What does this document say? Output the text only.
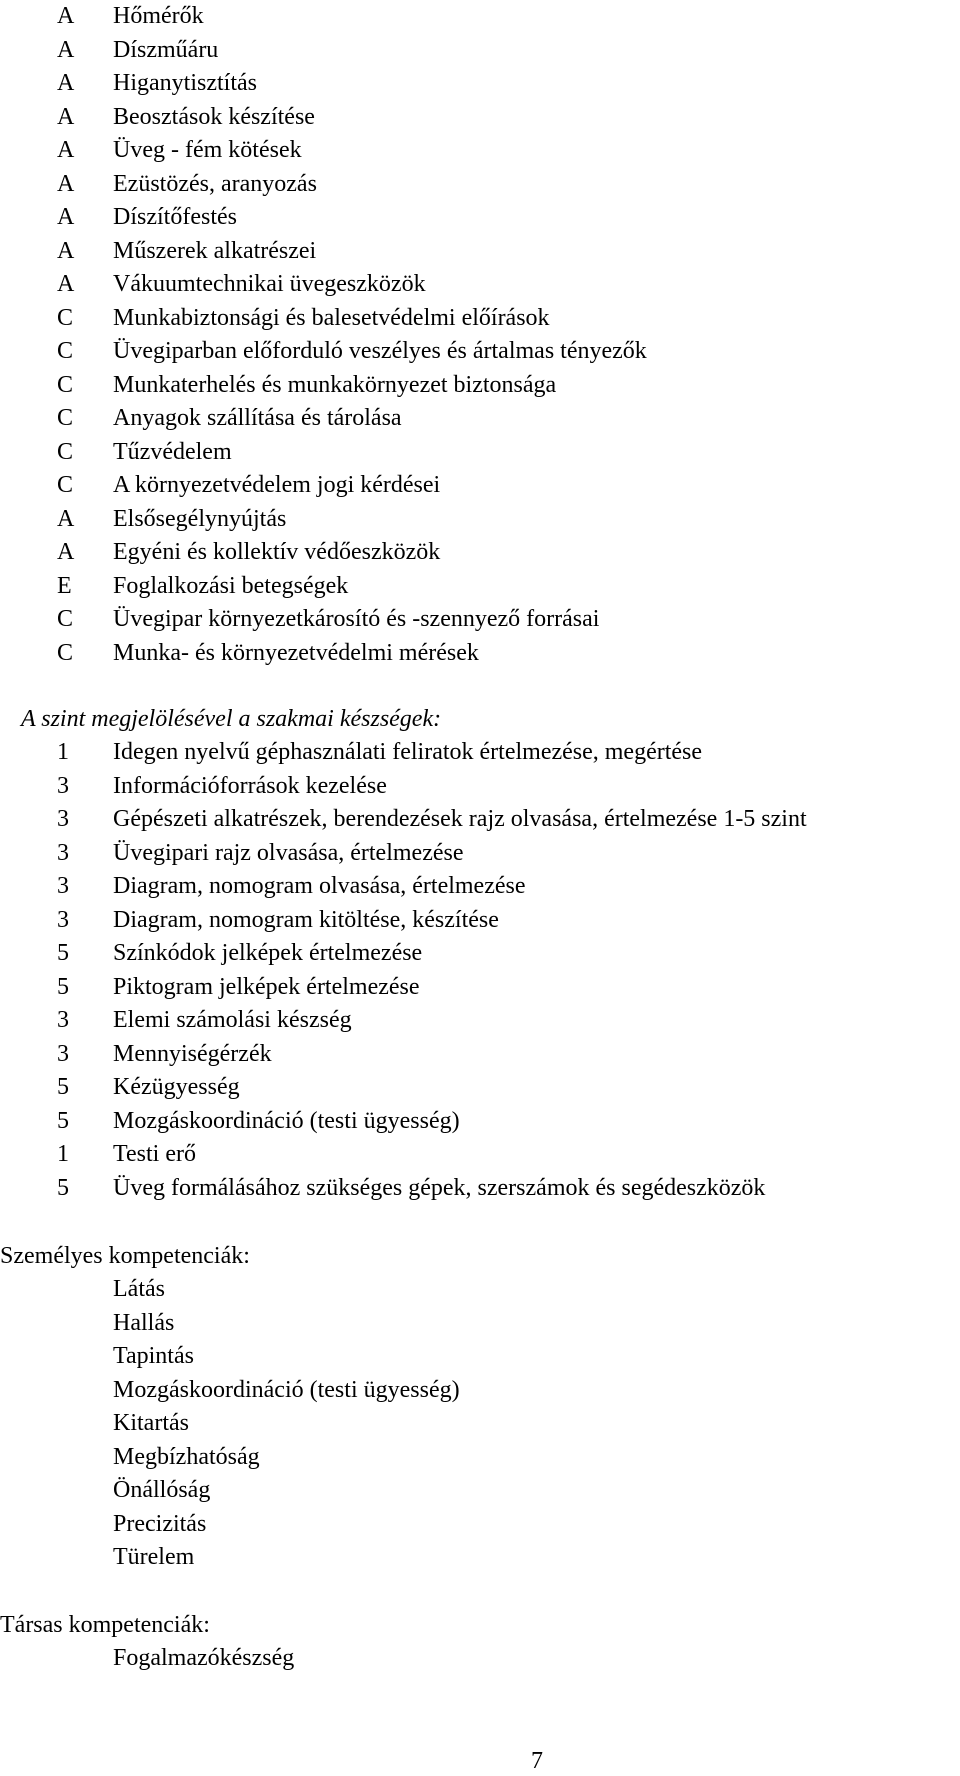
A	Hőmérők
A	Díszműáru
A	Higanytisztítás
A	Beosztások készítése
A	Üveg - fém kötések
A	Ezüstözés, aranyozás
A	Díszítőfestés
A	Műszerek alkatrészei
A	Vákuumtechnikai üvegeszközök
C	Munkabiztonsági és balesetvédelmi előírások
C	Üvegiparban előforduló veszélyes és ártalmas tényezők
C	Munkaterhelés és munkakörnyezet biztonsága
C	Anyagok szállítása és tárolása
C	Tűzvédelem
C	A környezetvédelem jogi kérdései
A	Elsősegélynyújtás
A	Egyéni és kollektív védőeszközök
E	Foglalkozási betegségek
C	Üvegipar környezetkárosító és -szennyező forrásai
C	Munka- és környezetvédelmi mérések
A szint megjelölésével a szakmai készségek:
1	Idegen nyelvű géphasználati feliratok értelmezése, megértése
3	Információforrások kezelése
3	Gépészeti alkatrészek, berendezések rajz olvasása, értelmezése 1-5 szint
3	Üvegipari rajz olvasása, értelmezése
3	Diagram, nomogram olvasása, értelmezése
3	Diagram, nomogram kitöltése, készítése
5	Színkódok jelképek értelmezése
5	Piktogram jelképek értelmezése
3	Elemi számolási készség
3	Mennyiségérzék
5	Kézügyesség
5	Mozgáskoordináció (testi ügyesség)
1	Testi erő
5	Üveg formálásához szükséges gépek, szerszámok és segédeszközök
Személyes kompetenciák:
Látás
Hallás
Tapintás
Mozgáskoordináció (testi ügyesség)
Kitartás
Megbízhatóság
Önállóság
Precizitás
Türelem
Társas kompetenciák:
Fogalmazókészség
7
